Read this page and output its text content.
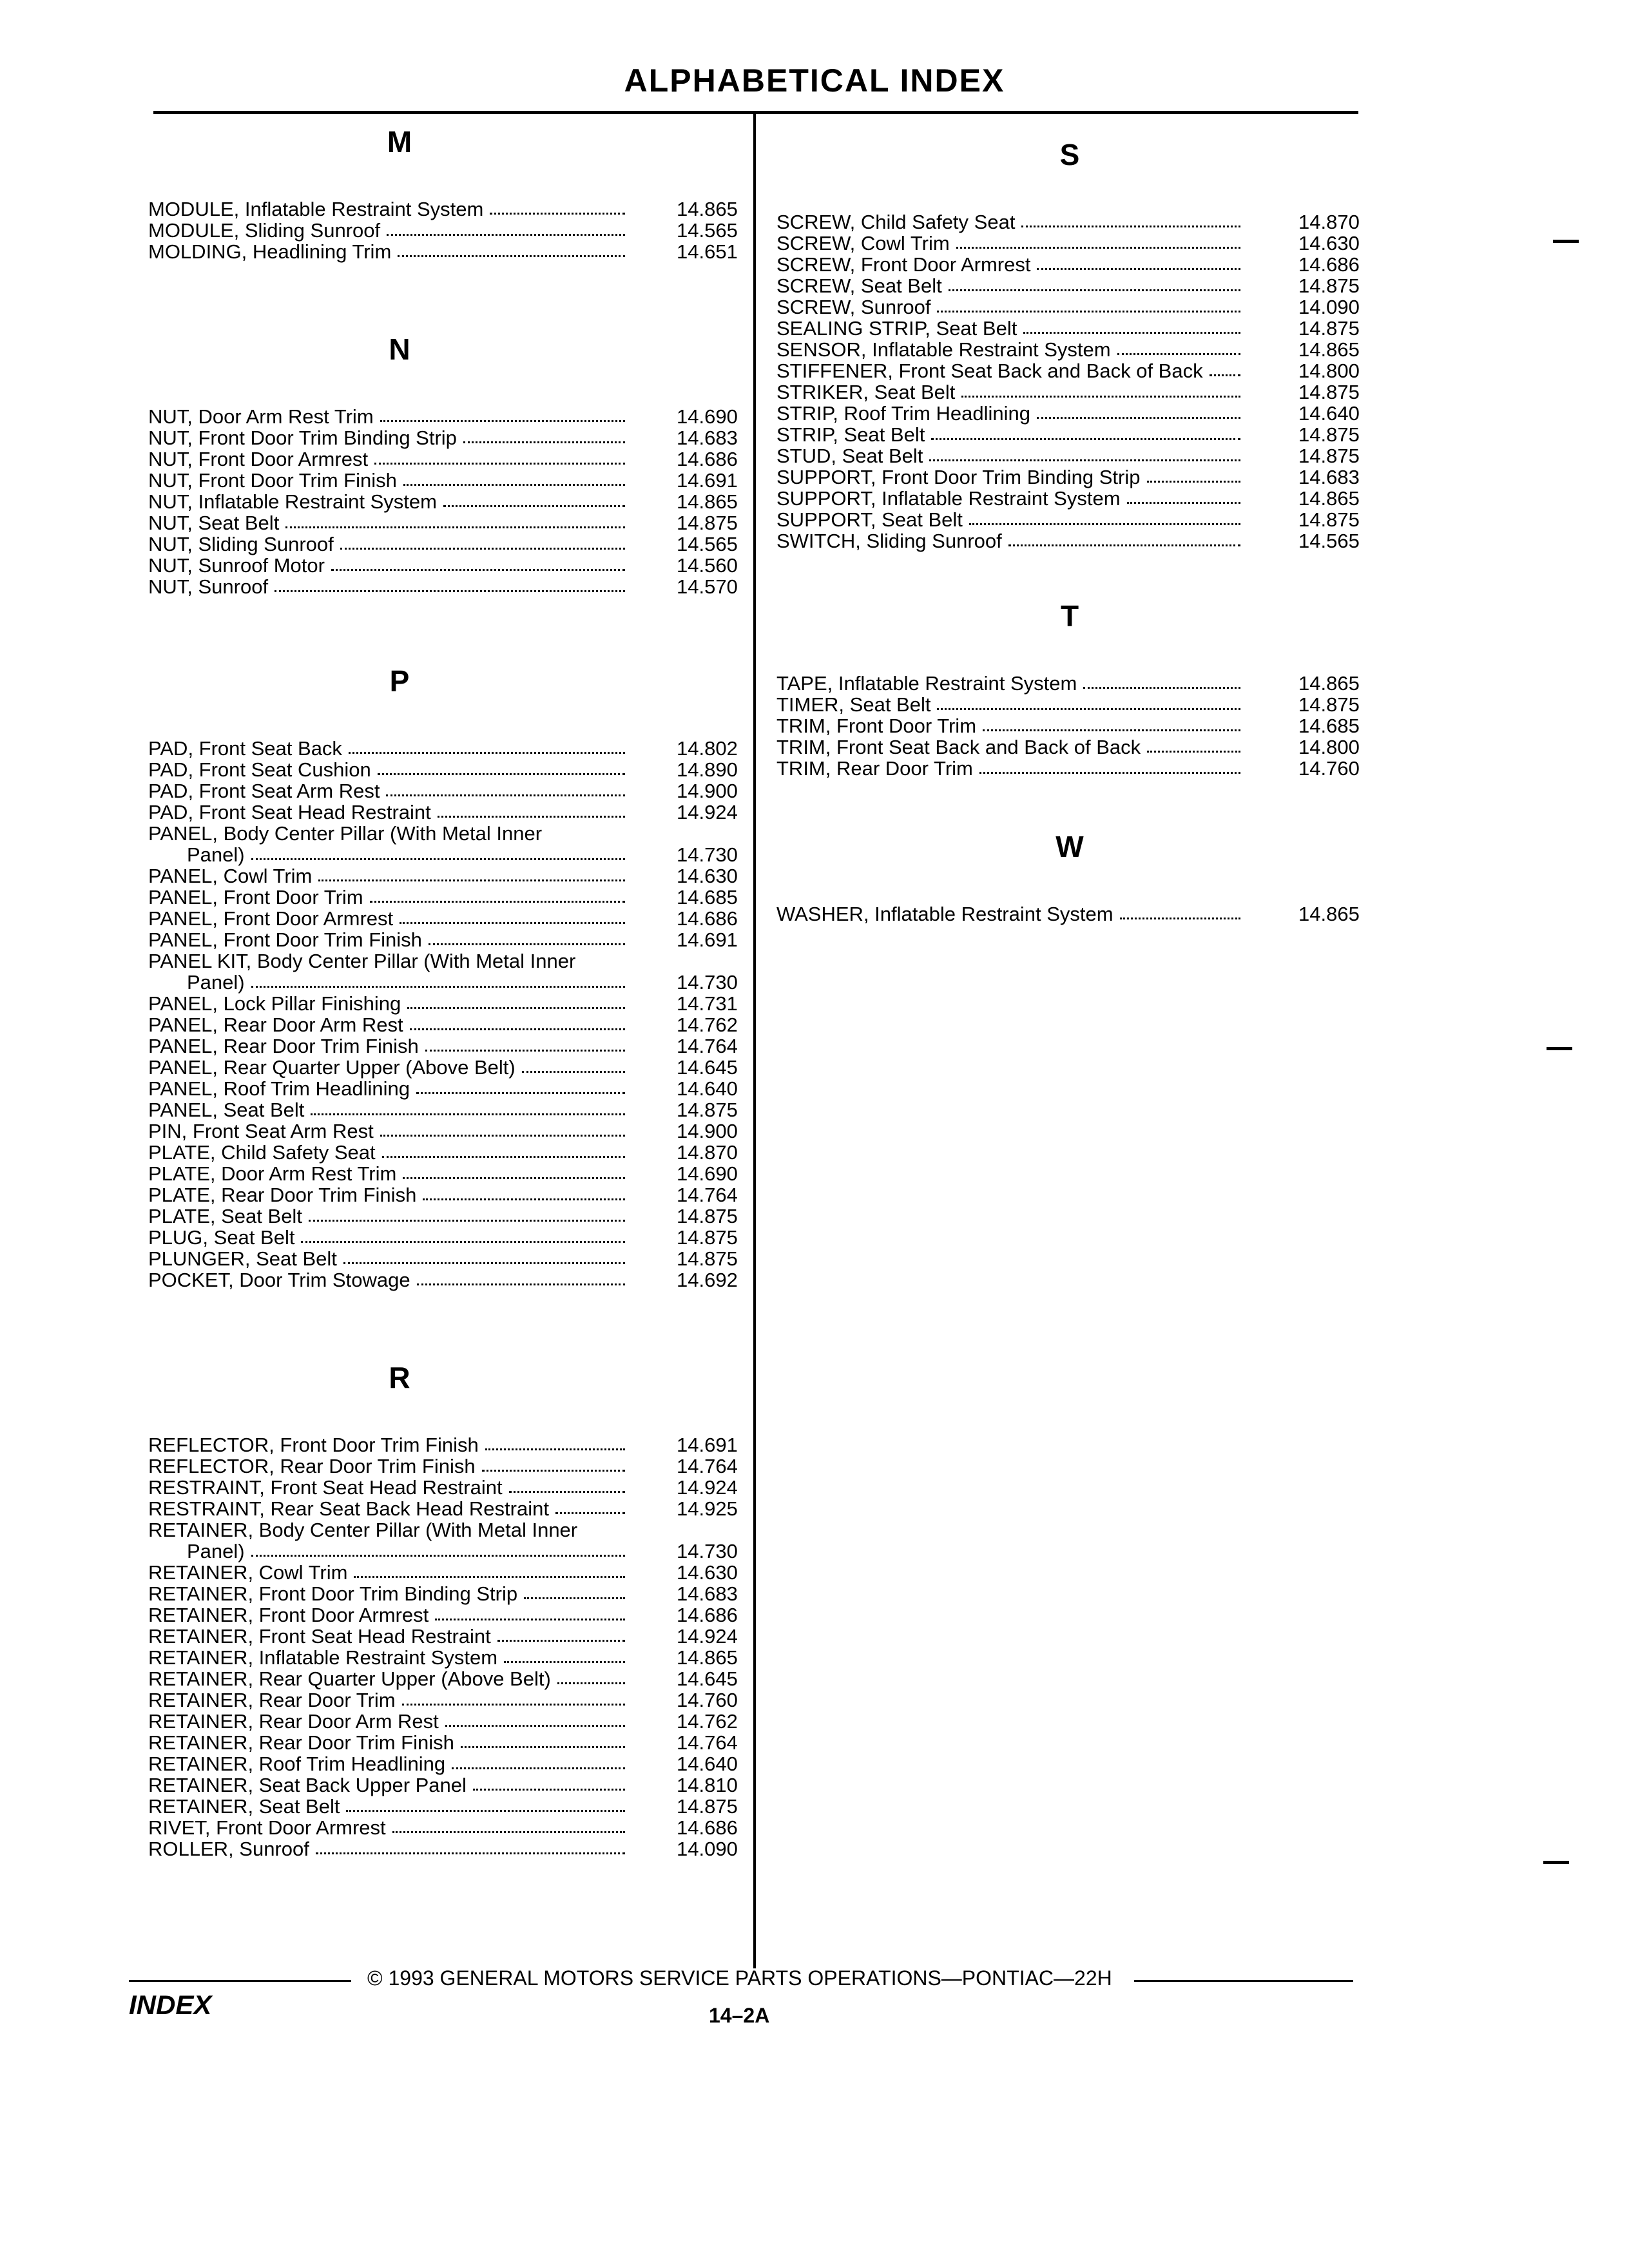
ALPHABETICAL INDEX
M
MODULE, Inflatable Restraint System	14.865
MODULE, Sliding Sunroof	14.565
MOLDING, Headlining Trim	14.651
N
NUT, Door Arm Rest Trim	14.690
NUT, Front Door Trim Binding Strip	14.683
NUT, Front Door Armrest	14.686
NUT, Front Door Trim Finish	14.691
NUT, Inflatable Restraint System	14.865
NUT, Seat Belt	14.875
NUT, Sliding Sunroof	14.565
NUT, Sunroof Motor	14.560
NUT, Sunroof	14.570
P
PAD, Front Seat Back	14.802
PAD, Front Seat Cushion	14.890
PAD, Front Seat Arm Rest	14.900
PAD, Front Seat Head Restraint	14.924
PANEL, Body Center Pillar (With Metal Inner
Panel)	14.730
PANEL, Cowl Trim	14.630
PANEL, Front Door Trim	14.685
PANEL, Front Door Armrest	14.686
PANEL, Front Door Trim Finish	14.691
PANEL KIT, Body Center Pillar (With Metal Inner
Panel)	14.730
PANEL, Lock Pillar Finishing	14.731
PANEL, Rear Door Arm Rest	14.762
PANEL, Rear Door Trim Finish	14.764
PANEL, Rear Quarter Upper (Above Belt)	14.645
PANEL, Roof Trim Headlining	14.640
PANEL, Seat Belt	14.875
PIN, Front Seat Arm Rest	14.900
PLATE, Child Safety Seat	14.870
PLATE, Door Arm Rest Trim	14.690
PLATE, Rear Door Trim Finish	14.764
PLATE, Seat Belt	14.875
PLUG, Seat Belt	14.875
PLUNGER, Seat Belt	14.875
POCKET, Door Trim Stowage	14.692
R
REFLECTOR, Front Door Trim Finish	14.691
REFLECTOR, Rear Door Trim Finish	14.764
RESTRAINT, Front Seat Head Restraint	14.924
RESTRAINT, Rear Seat Back Head Restraint	14.925
RETAINER, Body Center Pillar (With Metal Inner
Panel)	14.730
RETAINER, Cowl Trim	14.630
RETAINER, Front Door Trim Binding Strip	14.683
RETAINER, Front Door Armrest	14.686
RETAINER, Front Seat Head Restraint	14.924
RETAINER, Inflatable Restraint System	14.865
RETAINER, Rear Quarter Upper (Above Belt)	14.645
RETAINER, Rear Door Trim	14.760
RETAINER, Rear Door Arm Rest	14.762
RETAINER, Rear Door Trim Finish	14.764
RETAINER, Roof Trim Headlining	14.640
RETAINER, Seat Back Upper Panel	14.810
RETAINER, Seat Belt	14.875
RIVET, Front Door Armrest	14.686
ROLLER, Sunroof	14.090
S
SCREW, Child Safety Seat	14.870
SCREW, Cowl Trim	14.630
SCREW, Front Door Armrest	14.686
SCREW, Seat Belt	14.875
SCREW, Sunroof	14.090
SEALING STRIP, Seat Belt	14.875
SENSOR, Inflatable Restraint System	14.865
STIFFENER, Front Seat Back and Back of Back	14.800
STRIKER, Seat Belt	14.875
STRIP, Roof Trim Headlining	14.640
STRIP, Seat Belt	14.875
STUD, Seat Belt	14.875
SUPPORT, Front Door Trim Binding Strip	14.683
SUPPORT, Inflatable Restraint System	14.865
SUPPORT, Seat Belt	14.875
SWITCH, Sliding Sunroof	14.565
T
TAPE, Inflatable Restraint System	14.865
TIMER, Seat Belt	14.875
TRIM, Front Door Trim	14.685
TRIM, Front Seat Back and Back of Back	14.800
TRIM, Rear Door Trim	14.760
W
WASHER, Inflatable Restraint System	14.865
© 1993 GENERAL MOTORS SERVICE PARTS OPERATIONS—PONTIAC—22H
INDEX	14–2A
